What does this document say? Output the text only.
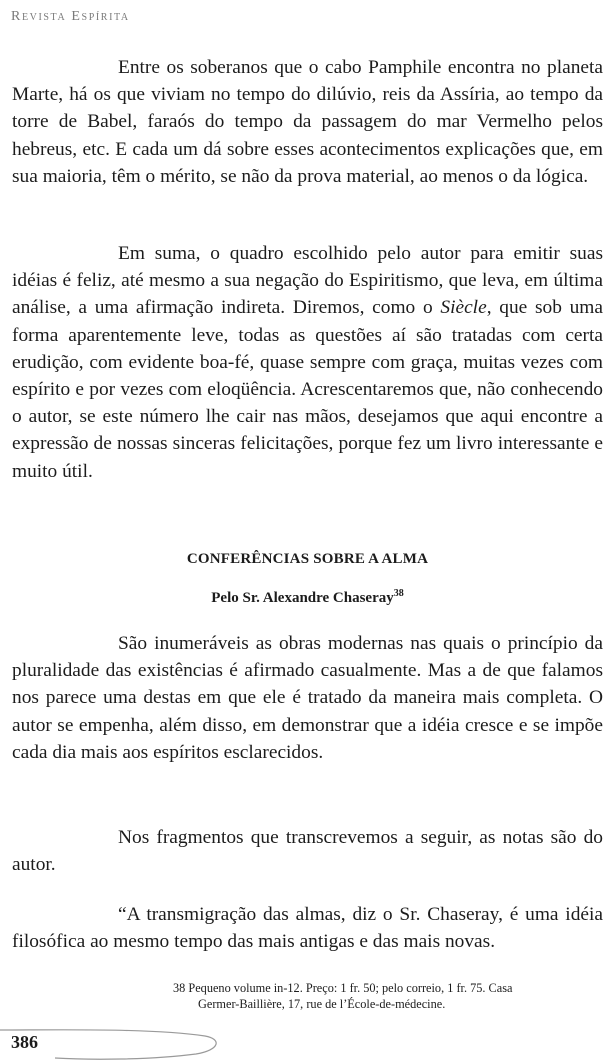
Revista Espírita

Entre os soberanos que o cabo Pamphile encontra no planeta Marte, há os que viviam no tempo do dilúvio, reis da Assíria, ao tempo da torre de Babel, faraós do tempo da passagem do mar Vermelho pelos hebreus, etc. E cada um dá sobre esses acontecimentos explicações que, em sua maioria, têm o mérito, se não da prova material, ao menos o da lógica.

Em suma, o quadro escolhido pelo autor para emitir suas idéias é feliz, até mesmo a sua negação do Espiritismo, que leva, em última análise, a uma afirmação indireta. Diremos, como o Siècle, que sob uma forma aparentemente leve, todas as questões aí são tratadas com certa erudição, com evidente boa-fé, quase sempre com graça, muitas vezes com espírito e por vezes com eloqüência. Acrescentaremos que, não conhecendo o autor, se este número lhe cair nas mãos, desejamos que aqui encontre a expressão de nossas sinceras felicitações, porque fez um livro interessante e muito útil.

CONFERÊNCIAS SOBRE A ALMA
Pelo Sr. Alexandre Chaseray$^{38}$

São inumeráveis as obras modernas nas quais o princípio da pluralidade das existências é afirmado casualmente. Mas a de que falamos nos parece uma destas em que ele é tratado da maneira mais completa. O autor se empenha, além disso, em demonstrar que a idéia cresce e se impõe cada dia mais aos espíritos esclarecidos.

Nos fragmentos que transcrevemos a seguir, as notas são do autor.

“A transmigração das almas, diz o Sr. Chaseray, é uma idéia filosófica ao mesmo tempo das mais antigas e das mais novas.

38 Pequeno volume in-12. Preço: 1 fr. 50; pelo correio, 1 fr. 75. Casa
Germer-Baillière, 17, rue de l’École-de-médecine.

386
